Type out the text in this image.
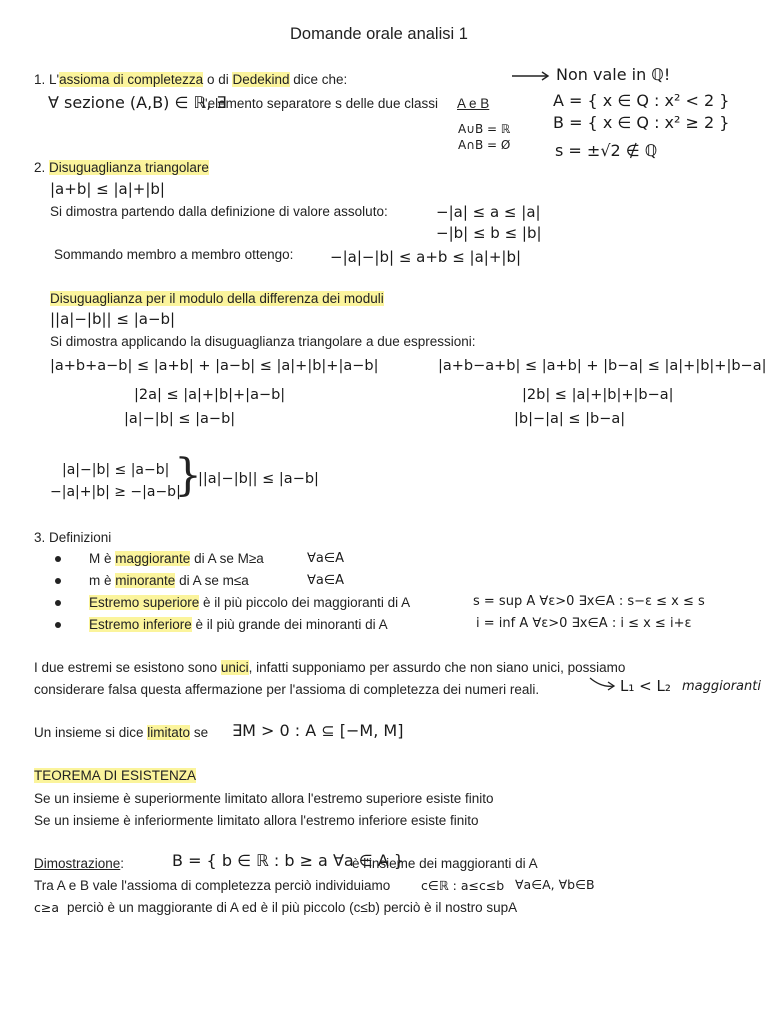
Domande orale analisi 1
1. L'assioma di completezza o di Dedekind dice che:
∀ sezione (A,B) ∈ ℝ, ∃
l'elemento separatore s delle due classi A e B
A∪B = ℝ
A∩B = Ø
Non vale in ℚ!
A = { x ∈ Q : x² < 2 }
B = { x ∈ Q : x² ≥ 2 }
s = ±√2 ∉ ℚ
2. Disuguaglianza triangolare
|a+b| ≤ |a|+|b|
Si dimostra partendo dalla definizione di valore assoluto:	−|a| ≤ a ≤ |a|
−|b| ≤ b ≤ |b|
Sommando membro a membro ottengo: −|a|−|b| ≤ a+b ≤ |a|+|b|
Disuguaglianza per il modulo della differenza dei moduli
||a|−|b|| ≤ |a−b|
Si dimostra applicando la disuguaglianza triangolare a due espressioni:
|a+b+a−b| ≤ |a+b| + |a−b| ≤ |a|+|b|+|a−b|
|2a| ≤ |a|+|b|+|a−b|
|a|−|b| ≤ |a−b|
|a+b−a+b| ≤ |a+b| + |b−a| ≤ |a|+|b|+|b−a|
|2b| ≤ |a|+|b|+|b−a|
|b|−|a| ≤ |b−a|
|a|−|b| ≤ |a−b|
−|a|+|b| ≥ −|a−b|
}
||a|−|b|| ≤ |a−b|
3. Definizioni
M è maggiorante di A se M≥a	∀a∈A
m è minorante di A se m≤a	∀a∈A
Estremo superiore è il più piccolo dei maggioranti di A	s = sup A ∀ε>0 ∃x∈A : s−ε ≤ x ≤ s
Estremo inferiore è il più grande dei minoranti di A	i = inf A ∀ε>0 ∃x∈A : i ≤ x ≤ i+ε
I due estremi se esistono sono unici, infatti supponiamo per assurdo che non siano unici, possiamo
considerare falsa questa affermazione per l'assioma di completezza dei numeri reali.	L₁ < L₂ maggioranti
Un insieme si dice limitato se ∃M > 0 : A ⊆ [−M, M]
TEOREMA DI ESISTENZA
Se un insieme è superiormente limitato allora l'estremo superiore esiste finito
Se un insieme è inferiormente limitato allora l'estremo inferiore esiste finito
Dimostrazione:	B = { b ∈ ℝ : b ≥ a ∀a ∈ A }
è l'insieme dei maggioranti di A
Tra A e B vale l'assioma di completezza perciò individuiamo c∈ℝ : a≤c≤b ∀a∈A, ∀b∈B
c≥a perciò è un maggiorante di A ed è il più piccolo (c≤b) perciò è il nostro supA
